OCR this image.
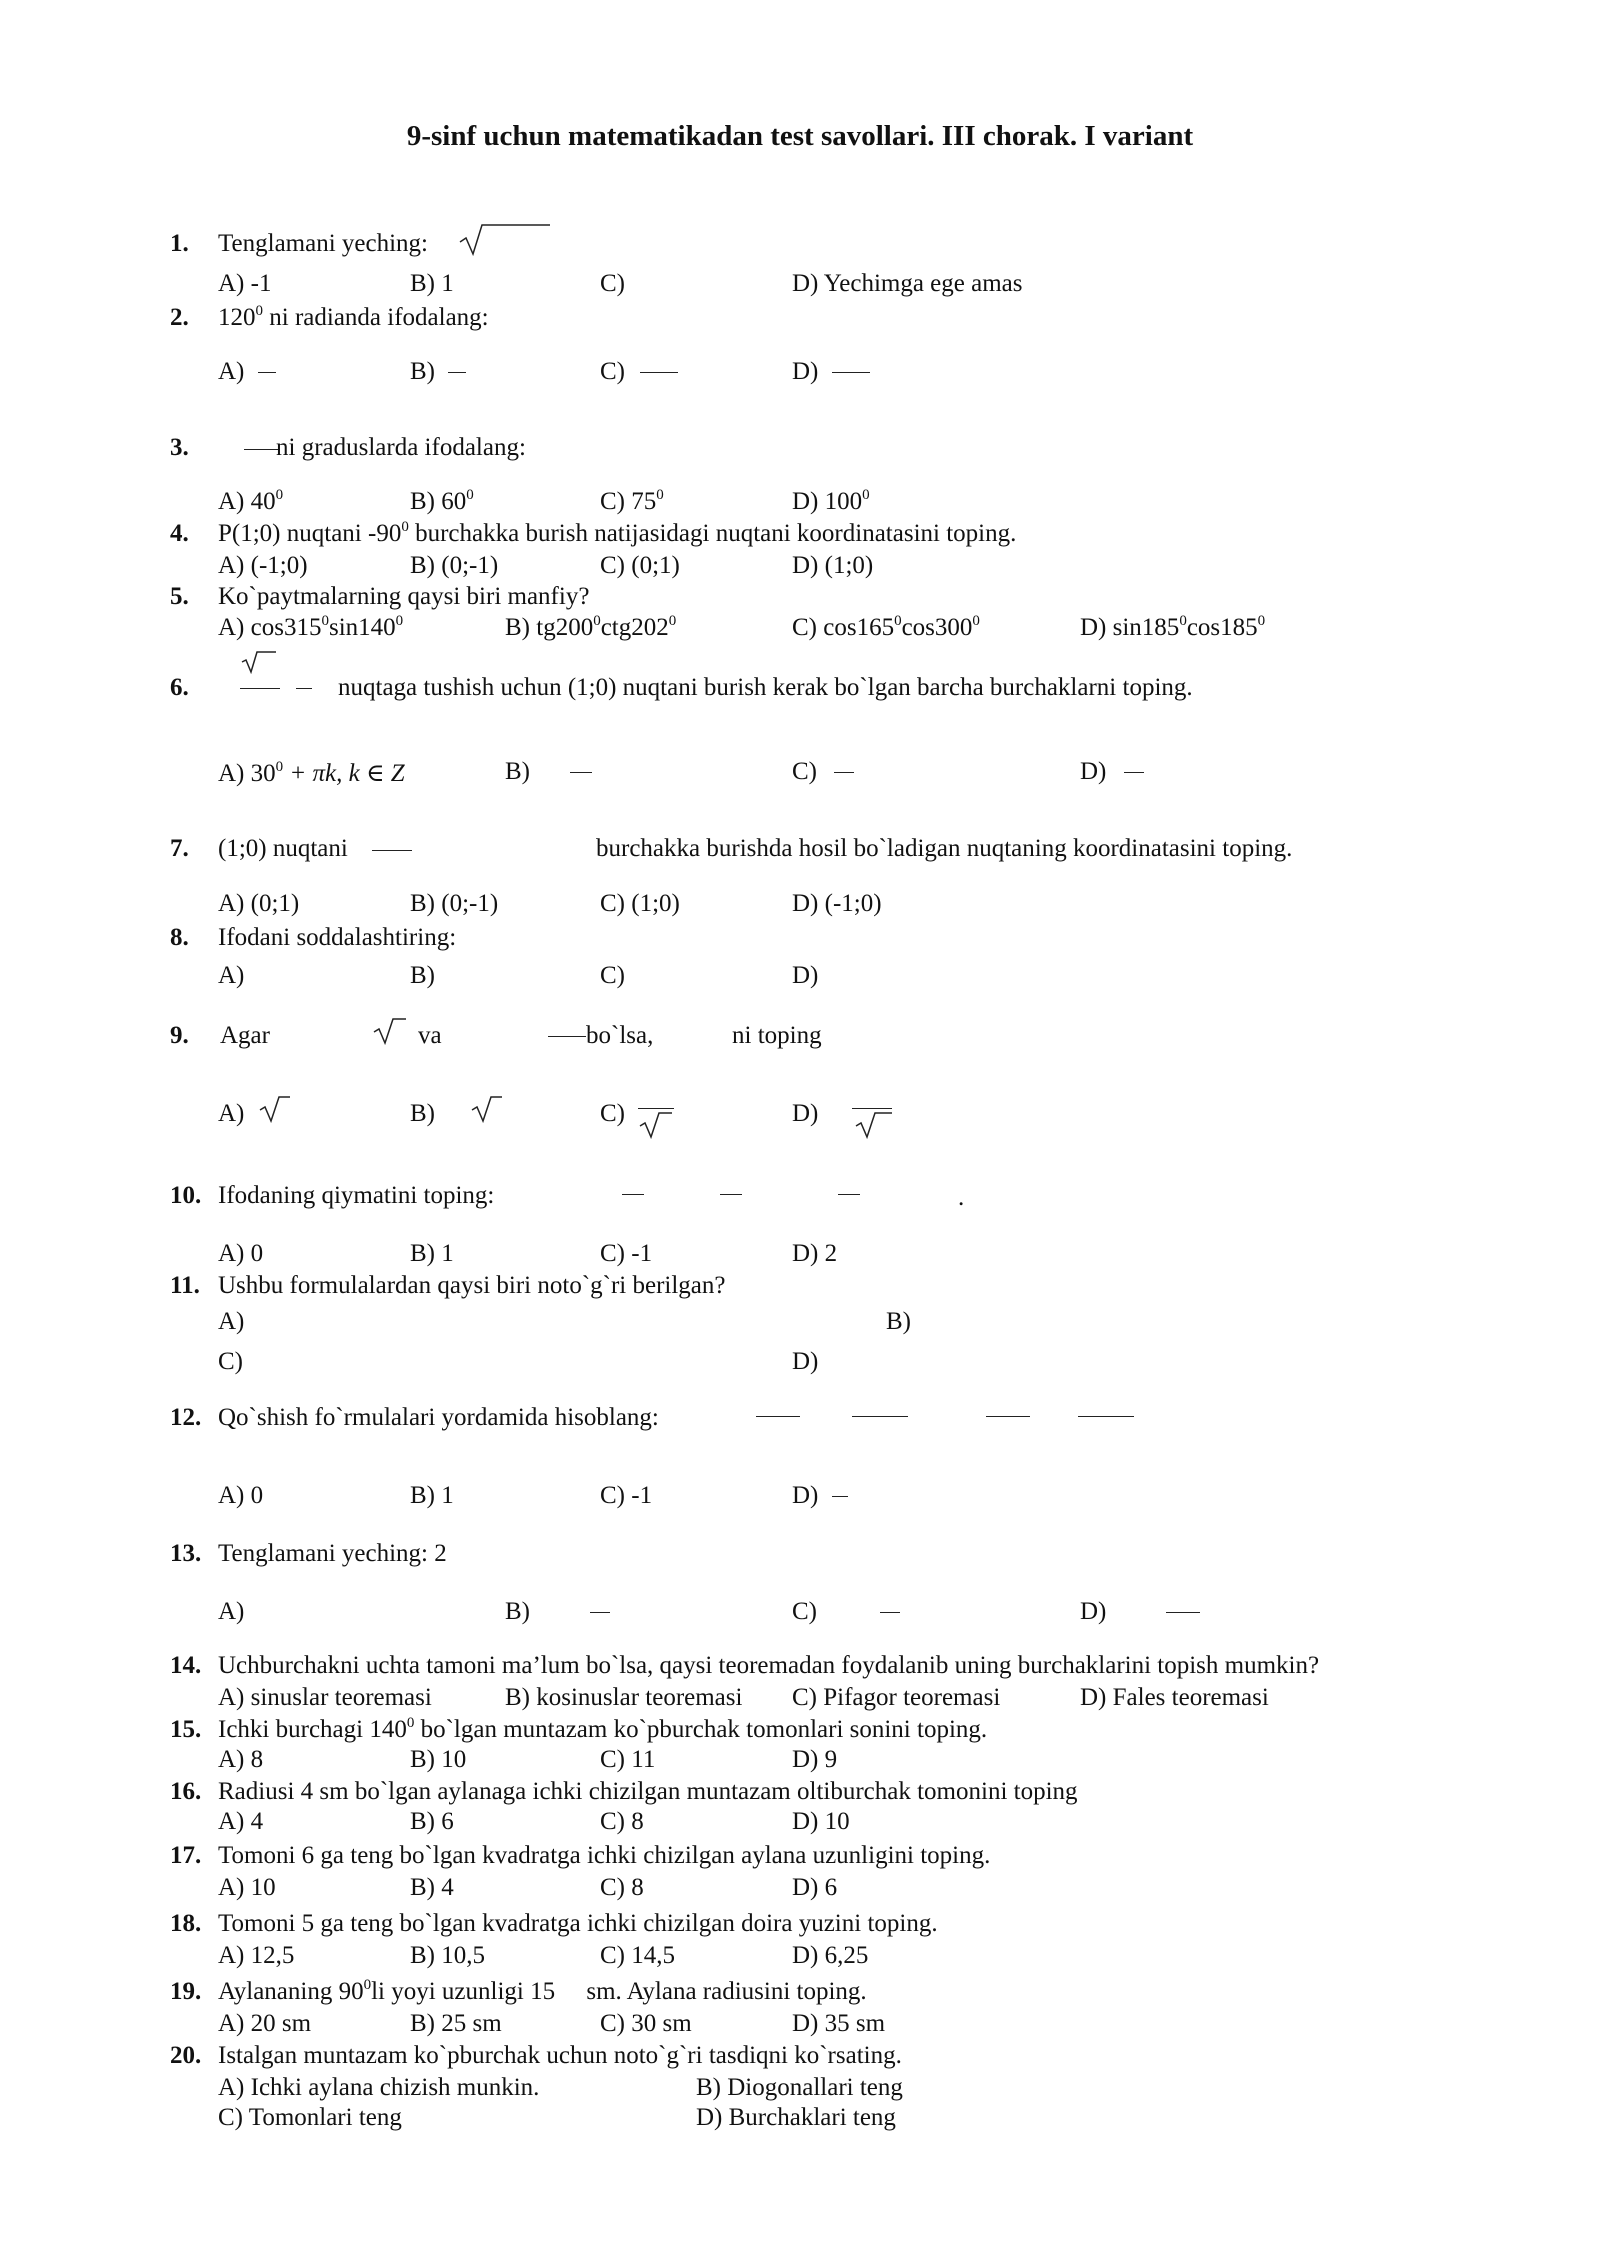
9-sinf uchun matematikadan test savollari. III chorak. I variant
1.	Tenglamani yeching:
A) -1	B) 1	C)	D) Yechimga ege amas
2.	$120^0$ ni radianda ifodalang:
A)	B)	C)	D)
3.	ni graduslarda ifodalang:
A) $40^0$	B) $60^0$	C) $75^0$	D) $100^0$
4.	P(1;0) nuqtani $-90^0$ burchakka burish natijasidagi nuqtani koordinatasini toping.
A) (-1;0)	B) (0;-1)	C) (0;1)	D) (1;0)
5.	Ko`paytmalarning qaysi biri manfiy?
A) $\cos 315^0\sin 140^0$	B) $tg200^0ctg202^0$	C) $\cos 165^0\cos 300^0$	D) $\sin 185^0\cos 185^0$
6.	nuqtaga tushish uchun (1;0) nuqtani burish kerak bo`lgan barcha burchaklarni toping.
A) $30^0 + \pi k$, k ∈ Z	B)	C)	D)
7.	(1;0) nuqtani	burchakka burishda hosil bo`ladigan nuqtaning koordinatasini toping.
A) (0;1)	B) (0;-1)	C) (1;0)	D) (-1;0)
8.	Ifodani soddalashtiring:
A)	B)	C)	D)
9.	Agar	va	bo`lsa,	ni toping
A)	B)	C)	D)
10. Ifodaning qiymatini toping:	.
A) 0	B) 1	C) -1	D) 2
11. Ushbu formulalardan qaysi biri noto`g`ri berilgan?
A)	B)
C)	D)
12. Qo`shish fo`rmulalari yordamida hisoblang:
A) 0	B) 1	C) -1	D)
13. Tenglamani yeching: 2
A)	B)	C)	D)
14. Uchburchakni uchta tamoni ma’lum bo`lsa, qaysi teoremadan foydalanib uning burchaklarini topish mumkin?
A) sinuslar teoremasi	B) kosinuslar teoremasi C) Pifagor teoremasi	D) Fales teoremasi
15. Ichki burchagi $140^0$ bo`lgan muntazam ko`pburchak tomonlari sonini toping.
A) 8	B) 10	C) 11	D) 9
16. Radiusi 4 sm bo`lgan aylanaga ichki chizilgan muntazam oltiburchak tomonini toping
A) 4	B) 6	C) 8	D) 10
17. Tomoni 6 ga teng bo`lgan kvadratga ichki chizilgan aylana uzunligini toping.
A) 10	B) 4	C) 8	D) 6
18. Tomoni 5 ga teng bo`lgan kvadratga ichki chizilgan doira yuzini toping.
A) 12,5	B) 10,5	C) 14,5	D) 6,25
19. Aylananing $90^0li$ yoyi uzunligi 15     sm. Aylana radiusini toping.
A) 20 sm	B) 25 sm	C) 30 sm	D) 35 sm
20. Istalgan muntazam ko`pburchak uchun noto`g`ri tasdiqni ko`rsating.
A) Ichki aylana chizish munkin.	B) Diogonallari teng
C) Tomonlari teng	D) Burchaklari teng
